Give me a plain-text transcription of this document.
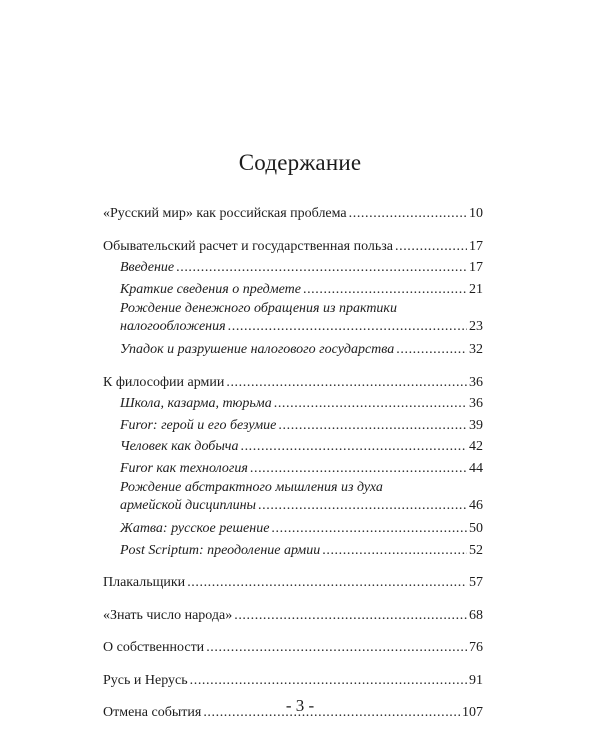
Содержание
«Русский мир» как российская проблема .....	10
Обывательский расчет и государственная польза .....	17
Введение .....	17
Краткие сведения о предмете .....	21
Рождение денежного обращения из практики
налогообложения .....	23
Упадок и разрушение налогового государства .....	32
К философии армии .....	36
Школа, казарма, тюрьма .....	36
Furor: герой и его безумие .....	39
Человек как добыча .....	42
Furor как технология .....	44
Рождение абстрактного мышления из духа
армейской дисциплины .....	46
Жатва: русское решение .....	50
Post Scriptum: преодоление армии .....	52
Плакальщики .....	57
«Знать число народа» .....	68
О собственности .....	76
Русь и Нерусь .....	91
Отмена события .....	107
- 3 -
